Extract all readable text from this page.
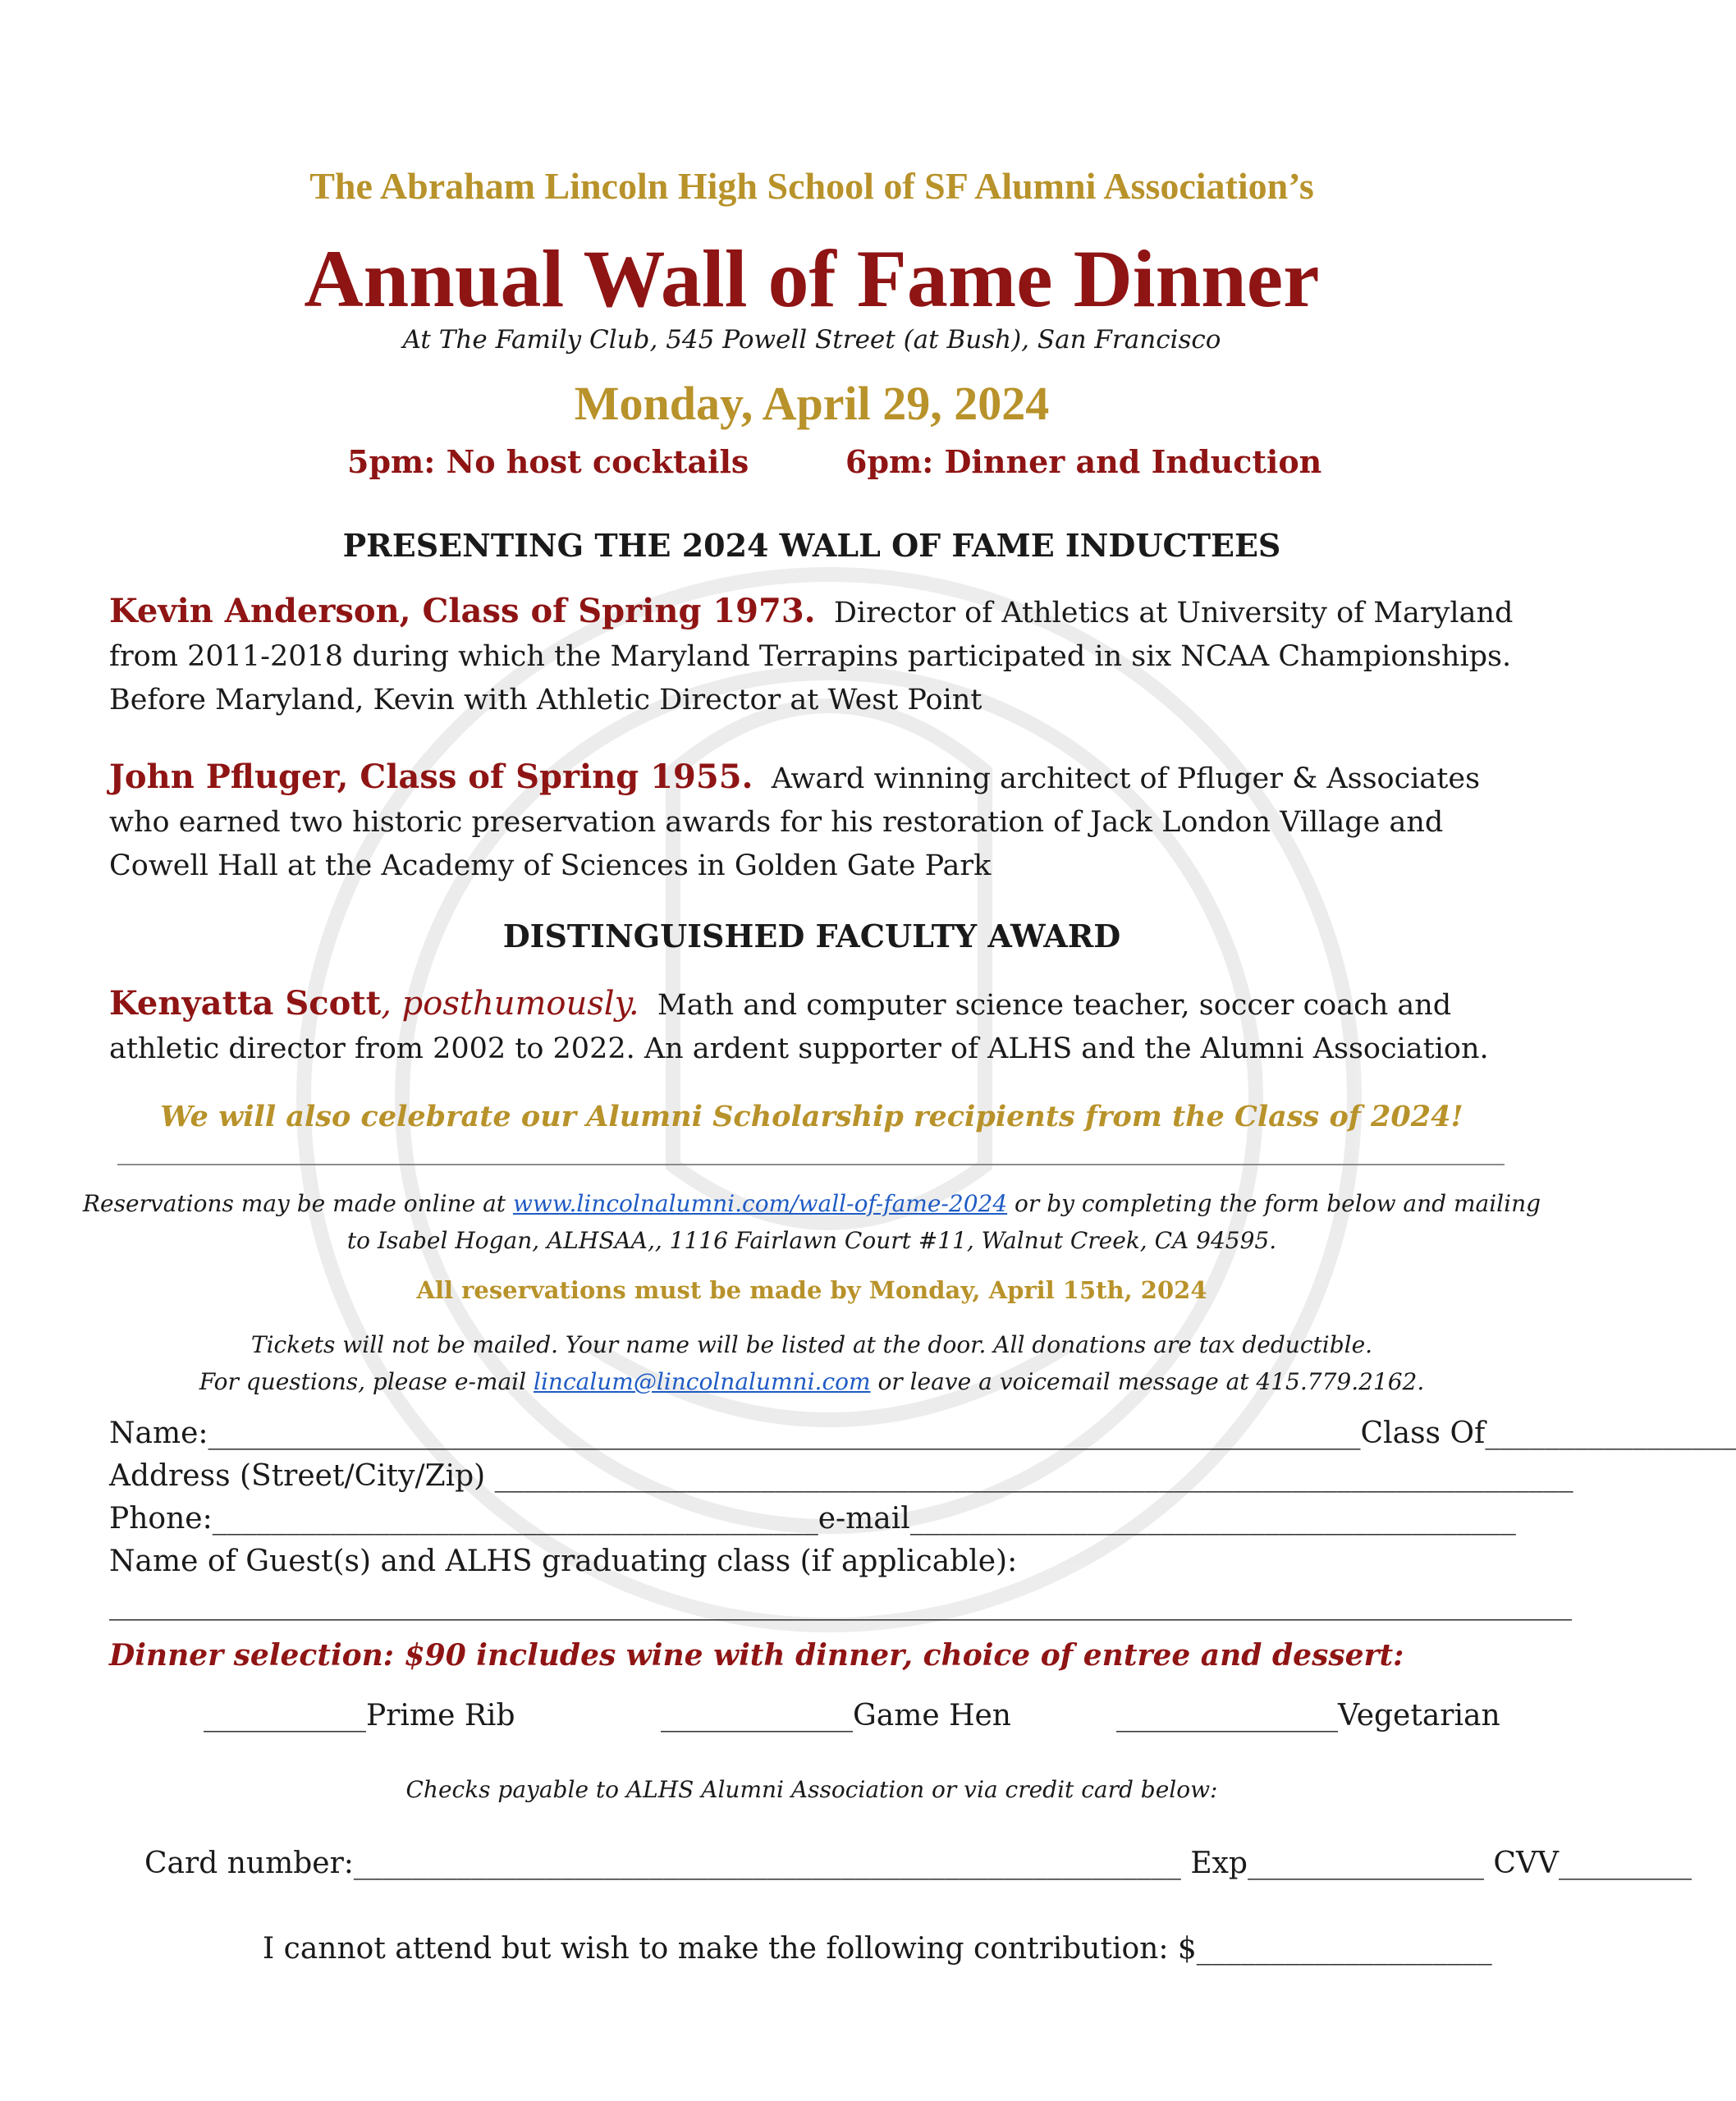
The Abraham Lincoln High School of SF Alumni Association’s
Annual Wall of Fame Dinner
At The Family Club, 545 Powell Street (at Bush), San Francisco
Monday, April 29, 2024
5pm: No host cocktails	6pm: Dinner and Induction
PRESENTING THE 2024 WALL OF FAME INDUCTEES
Kevin Anderson, Class of Spring 1973. Director of Athletics at University of Maryland from 2011-2018 during which the Maryland Terrapins participated in six NCAA Championships. Before Maryland, Kevin with Athletic Director at West Point
John Pfluger, Class of Spring 1955. Award winning architect of Pfluger & Associates who earned two historic preservation awards for his restoration of Jack London Village and Cowell Hall at the Academy of Sciences in Golden Gate Park
DISTINGUISHED FACULTY AWARD
Kenyatta Scott, posthumously. Math and computer science teacher, soccer coach and athletic director from 2002 to 2022. An ardent supporter of ALHS and the Alumni Association.
We will also celebrate our Alumni Scholarship recipients from the Class of 2024!
Reservations may be made online at www.lincolnalumni.com/wall-of-fame-2024 or by completing the form below and mailing
to Isabel Hogan, ALHSAA,, 1116 Fairlawn Court #11, Walnut Creek, CA 94595.
All reservations must be made by Monday, April 15th, 2024
Tickets will not be mailed. Your name will be listed at the door. All donations are tax deductible.
For questions, please e-mail lincalum@lincolnalumni.com or leave a voicemail message at 415.779.2162.
Name:______________________________________________________________________________Class Of_________________
Address (Street/City/Zip) _________________________________________________________________________
Phone:_________________________________________e-mail_________________________________________
Name of Guest(s) and ALHS graduating class (if applicable):
___________________________________________________________________________________________________
Dinner selection: $90 includes wine with dinner, choice of entree and dessert:
___________Prime Rib	_____________Game Hen	_______________Vegetarian
Checks payable to ALHS Alumni Association or via credit card below:
Card number:________________________________________________________ Exp________________ CVV_________
I cannot attend but wish to make the following contribution: $____________________
